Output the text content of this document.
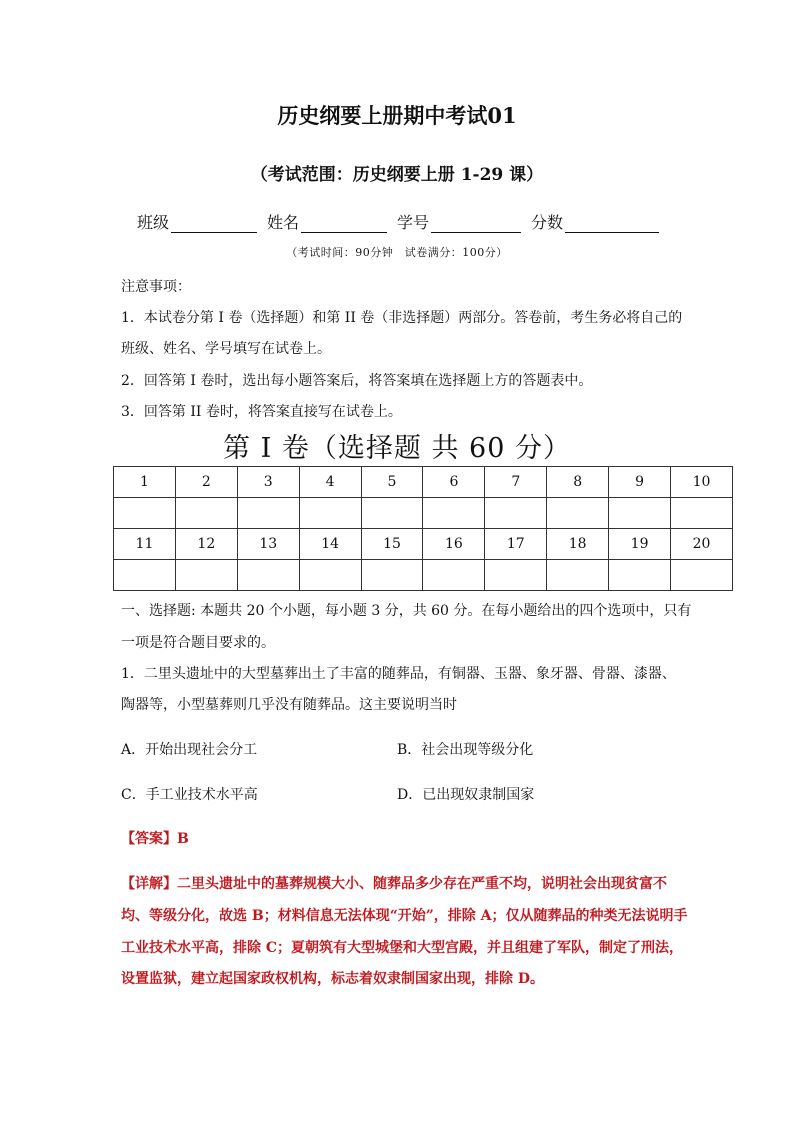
历史纲要上册期中考试01
（考试范围：历史纲要上册 1-29 课）
班级	姓名	学号	分数
（考试时间：90分钟　试卷满分：100分）
注意事项：
1．本试卷分第 I 卷（选择题）和第 II 卷（非选择题）两部分。答卷前，考生务必将自己的
班级、姓名、学号填写在试卷上。
2．回答第 I 卷时，选出每小题答案后，将答案填在选择题上方的答题表中。
3．回答第 II 卷时，将答案直接写在试卷上。
第 I 卷（选择题 共 60 分）
1	2	3	4	5	6	7	8	9	10

11	12	13	14	15	16	17	18	19	20

一、选择题: 本题共 20 个小题，每小题 3 分，共 60 分。在每小题给出的四个选项中，只有
一项是符合题目要求的。
1．二里头遗址中的大型墓葬出土了丰富的随葬品，有铜器、玉器、象牙器、骨器、漆器、
陶器等，小型墓葬则几乎没有随葬品。这主要说明当时
A．开始出现社会分工	B．社会出现等级分化
C．手工业技术水平高	D．已出现奴隶制国家
【答案】B
【详解】二里头遗址中的墓葬规模大小、随葬品多少存在严重不均，说明社会出现贫富不
均、等级分化，故选 B；材料信息无法体现“开始”，排除 A；仅从随葬品的种类无法说明手
工业技术水平高，排除 C；夏朝筑有大型城堡和大型宫殿，并且组建了军队，制定了刑法，
设置监狱，建立起国家政权机构，标志着奴隶制国家出现，排除 D。
